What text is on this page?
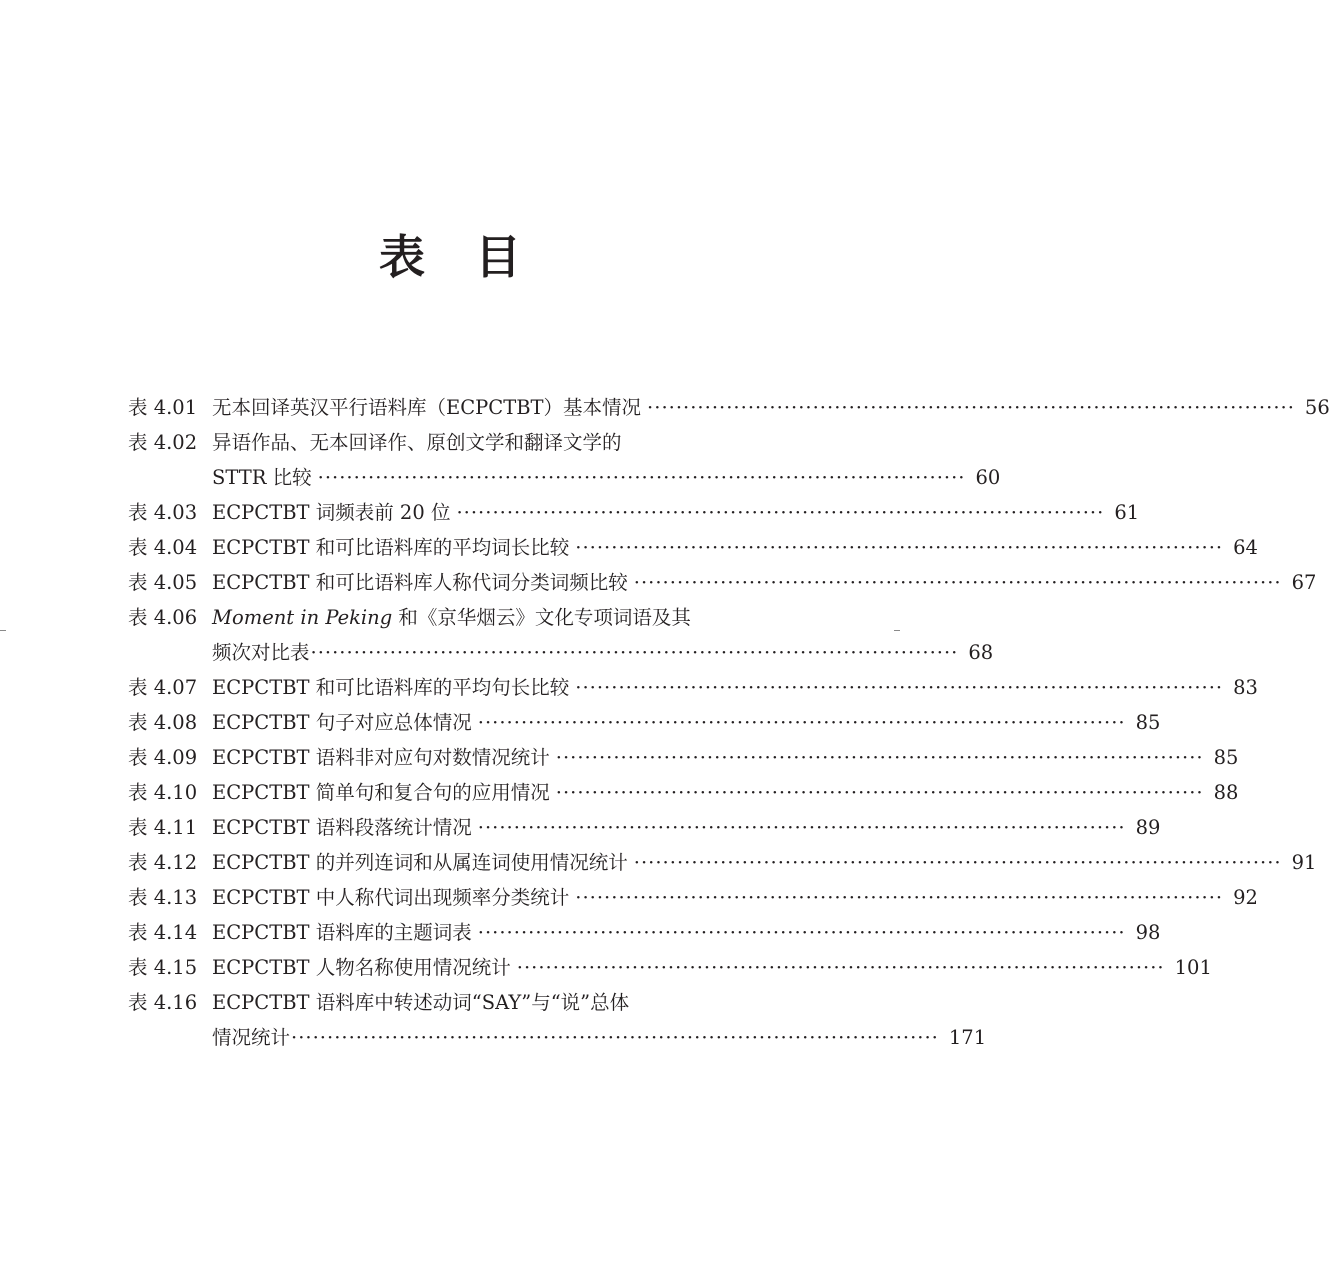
表目
表 4.01 无本回译英汉平行语料库（ECPCTBT）基本情况 ·························································································· 56
表 4.02 异语作品、无本回译作、原创文学和翻译文学的
STTR 比较 ·························································································· 60
表 4.03 ECPCTBT 词频表前 20 位 ·························································································· 61
表 4.04 ECPCTBT 和可比语料库的平均词长比较 ·························································································· 64
表 4.05 ECPCTBT 和可比语料库人称代词分类词频比较 ·························································································· 67
表 4.06 Moment in Peking 和《京华烟云》文化专项词语及其
频次对比表 ·························································································· 68
表 4.07 ECPCTBT 和可比语料库的平均句长比较 ·························································································· 83
表 4.08 ECPCTBT 句子对应总体情况 ·························································································· 85
表 4.09 ECPCTBT 语料非对应句对数情况统计 ·························································································· 85
表 4.10 ECPCTBT 简单句和复合句的应用情况 ·························································································· 88
表 4.11 ECPCTBT 语料段落统计情况 ·························································································· 89
表 4.12 ECPCTBT 的并列连词和从属连词使用情况统计 ·························································································· 91
表 4.13 ECPCTBT 中人称代词出现频率分类统计 ·························································································· 92
表 4.14 ECPCTBT 语料库的主题词表 ·························································································· 98
表 4.15 ECPCTBT 人物名称使用情况统计 ·························································································· 101
表 4.16 ECPCTBT 语料库中转述动词“SAY”与“说”总体
情况统计 ·························································································· 171
